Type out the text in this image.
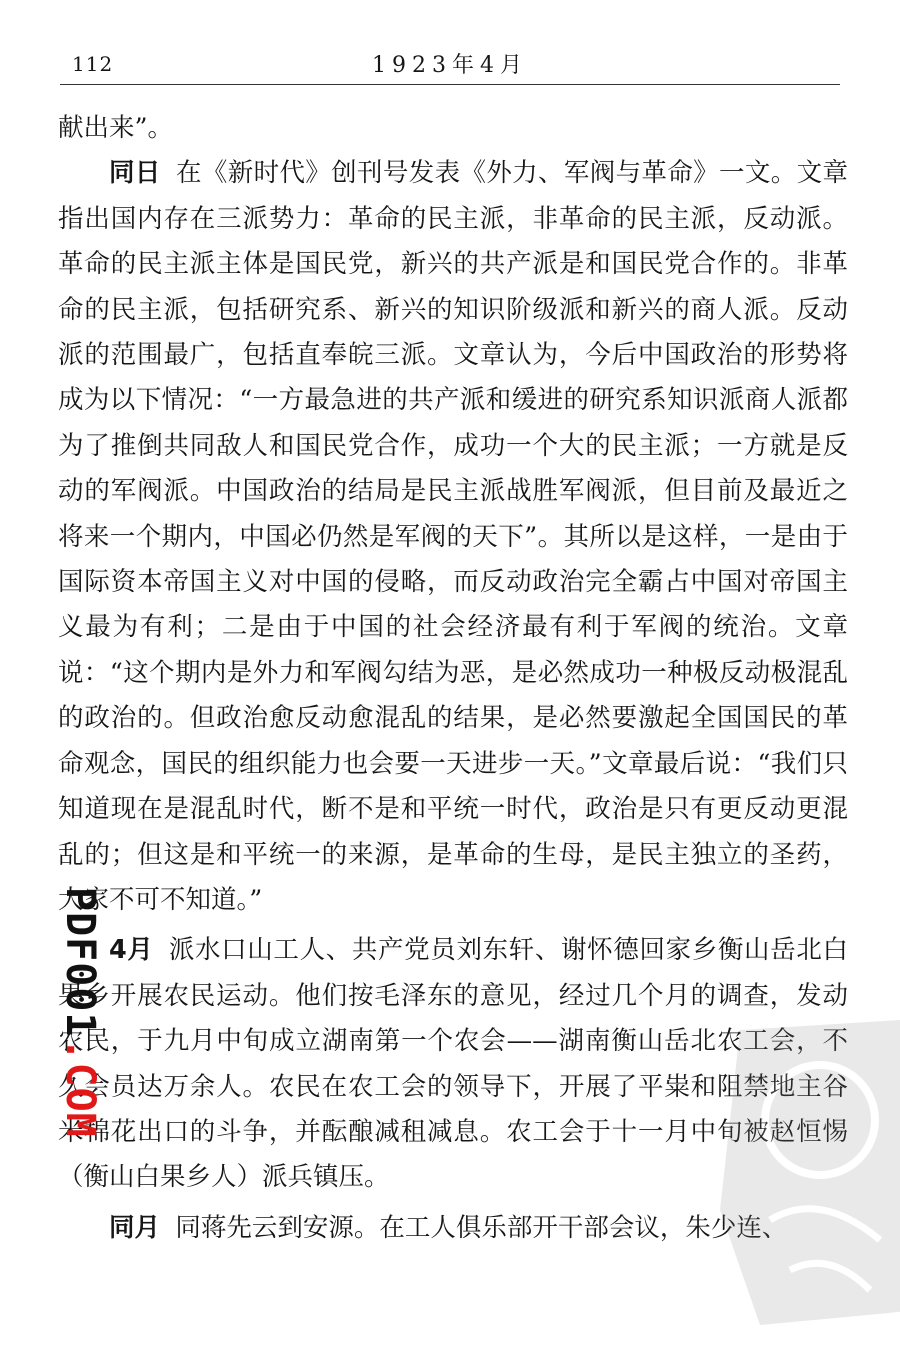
112	1923年4月

献出来”。

同日 在《新时代》创刊号发表《外力、军阀与革命》一文。文章指出国内存在三派势力：革命的民主派，非革命的民主派，反动派。革命的民主派主体是国民党，新兴的共产派是和国民党合作的。非革命的民主派，包括研究系、新兴的知识阶级派和新兴的商人派。反动派的范围最广，包括直奉皖三派。文章认为，今后中国政治的形势将成为以下情况：“一方最急进的共产派和缓进的研究系知识派商人派都为了推倒共同敌人和国民党合作，成功一个大的民主派；一方就是反动的军阀派。中国政治的结局是民主派战胜军阀派，但目前及最近之将来一个期内，中国必仍然是军阀的天下”。其所以是这样，一是由于国际资本帝国主义对中国的侵略，而反动政治完全霸占中国对帝国主义最为有利；二是由于中国的社会经济最有利于军阀的统治。文章说：“这个期内是外力和军阀勾结为恶，是必然成功一种极反动极混乱的政治的。但政治愈反动愈混乱的结果，是必然要激起全国国民的革命观念，国民的组织能力也会要一天进步一天。”文章最后说：“我们只知道现在是混乱时代，断不是和平统一时代，政治是只有更反动更混乱的；但这是和平统一的来源，是革命的生母，是民主独立的圣药，大家不可不知道。”

4月 派水口山工人、共产党员刘东轩、谢怀德回家乡衡山岳北白果乡开展农民运动。他们按毛泽东的意见，经过几个月的调查，发动农民，于九月中旬成立湖南第一个农会——湖南衡山岳北农工会，不久会员达万余人。农民在农工会的领导下，开展了平粜和阻禁地主谷米棉花出口的斗争，并酝酿减租减息。农工会于十一月中旬被赵恒惕（衡山白果乡人）派兵镇压。

同月 同蒋先云到安源。在工人俱乐部开干部会议，朱少连、

PDF001.COM
